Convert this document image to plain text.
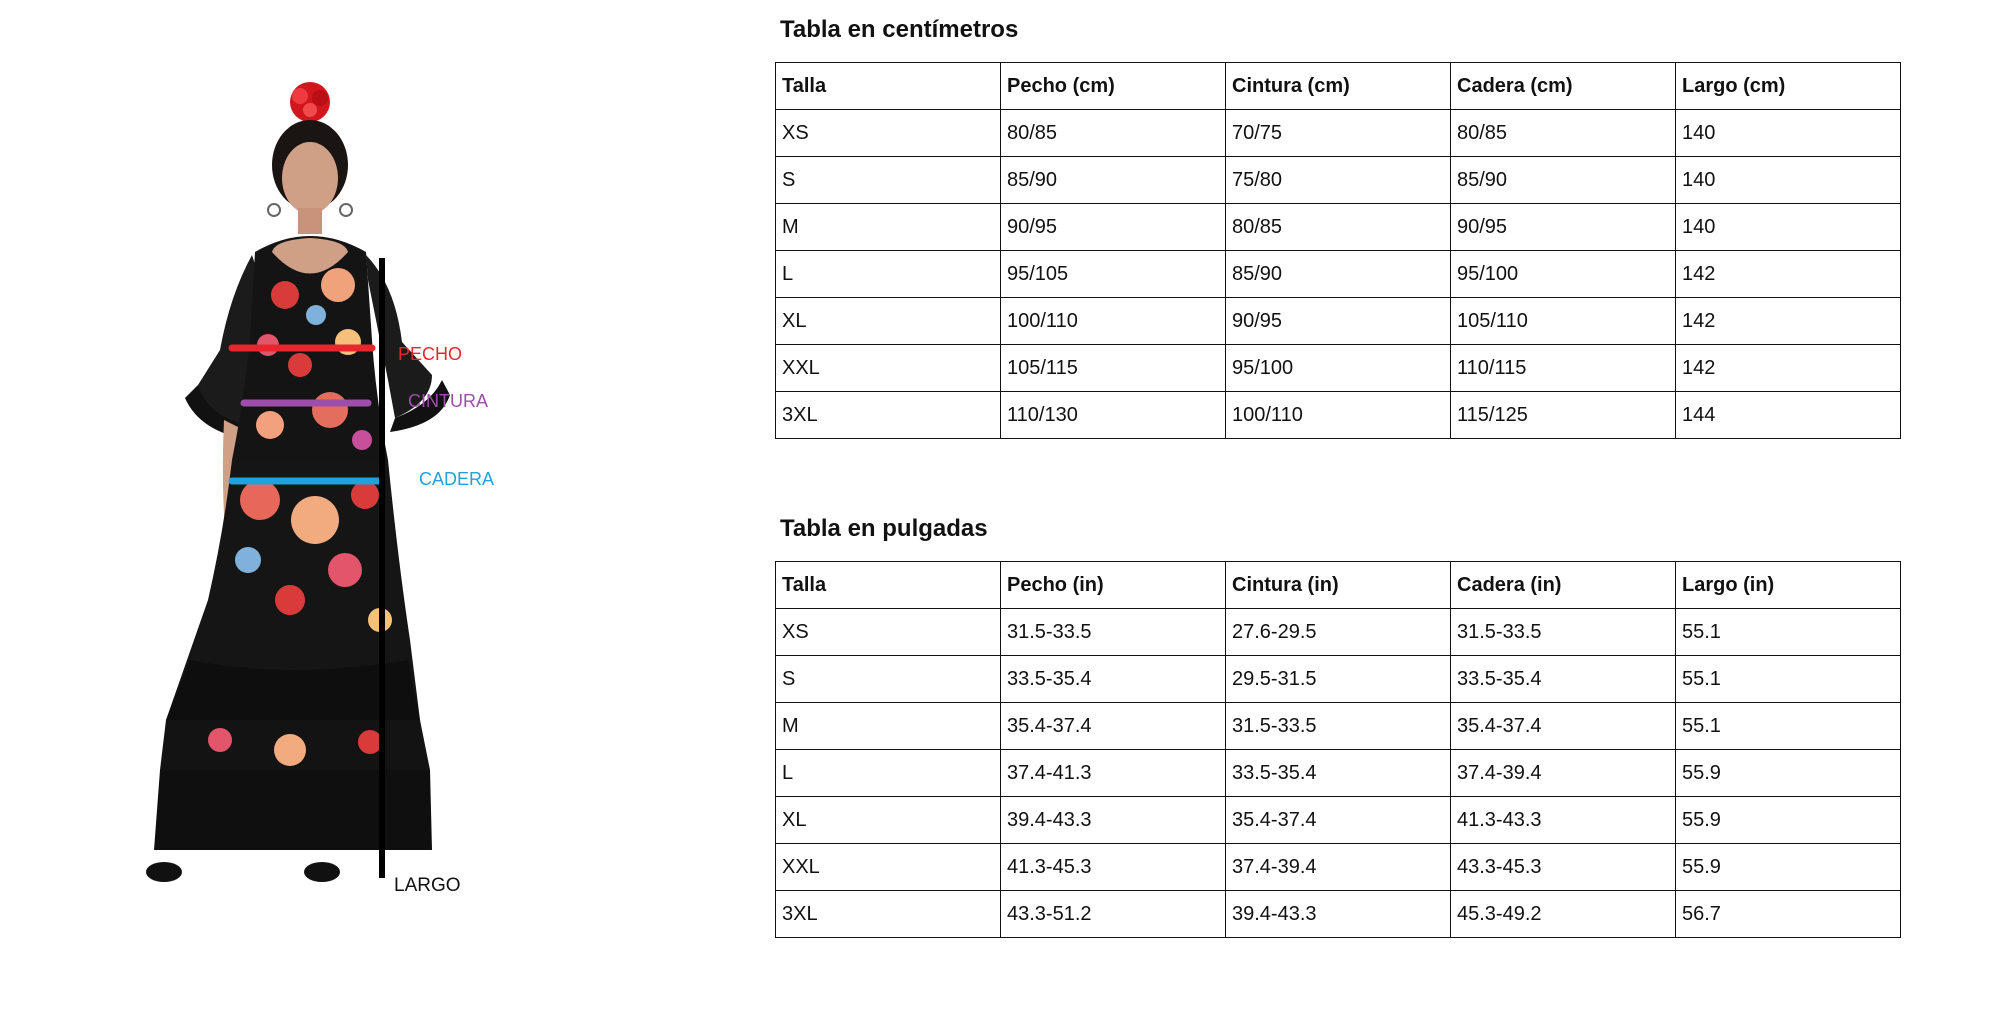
PECHO
CINTURA
CADERA
LARGO
Tabla en centímetros
Talla	Pecho (cm)	Cintura (cm)	Cadera (cm)	Largo (cm)
XS	80/85	70/75	80/85	140
S	85/90	75/80	85/90	140
M	90/95	80/85	90/95	140
L	95/105	85/90	95/100	142
XL	100/110	90/95	105/110	142
XXL	105/115	95/100	110/115	142
3XL	110/130	100/110	115/125	144
Tabla en pulgadas
Talla	Pecho (in)	Cintura (in)	Cadera (in)	Largo (in)
XS	31.5-33.5	27.6-29.5	31.5-33.5	55.1
S	33.5-35.4	29.5-31.5	33.5-35.4	55.1
M	35.4-37.4	31.5-33.5	35.4-37.4	55.1
L	37.4-41.3	33.5-35.4	37.4-39.4	55.9
XL	39.4-43.3	35.4-37.4	41.3-43.3	55.9
XXL	41.3-45.3	37.4-39.4	43.3-45.3	55.9
3XL	43.3-51.2	39.4-43.3	45.3-49.2	56.7
